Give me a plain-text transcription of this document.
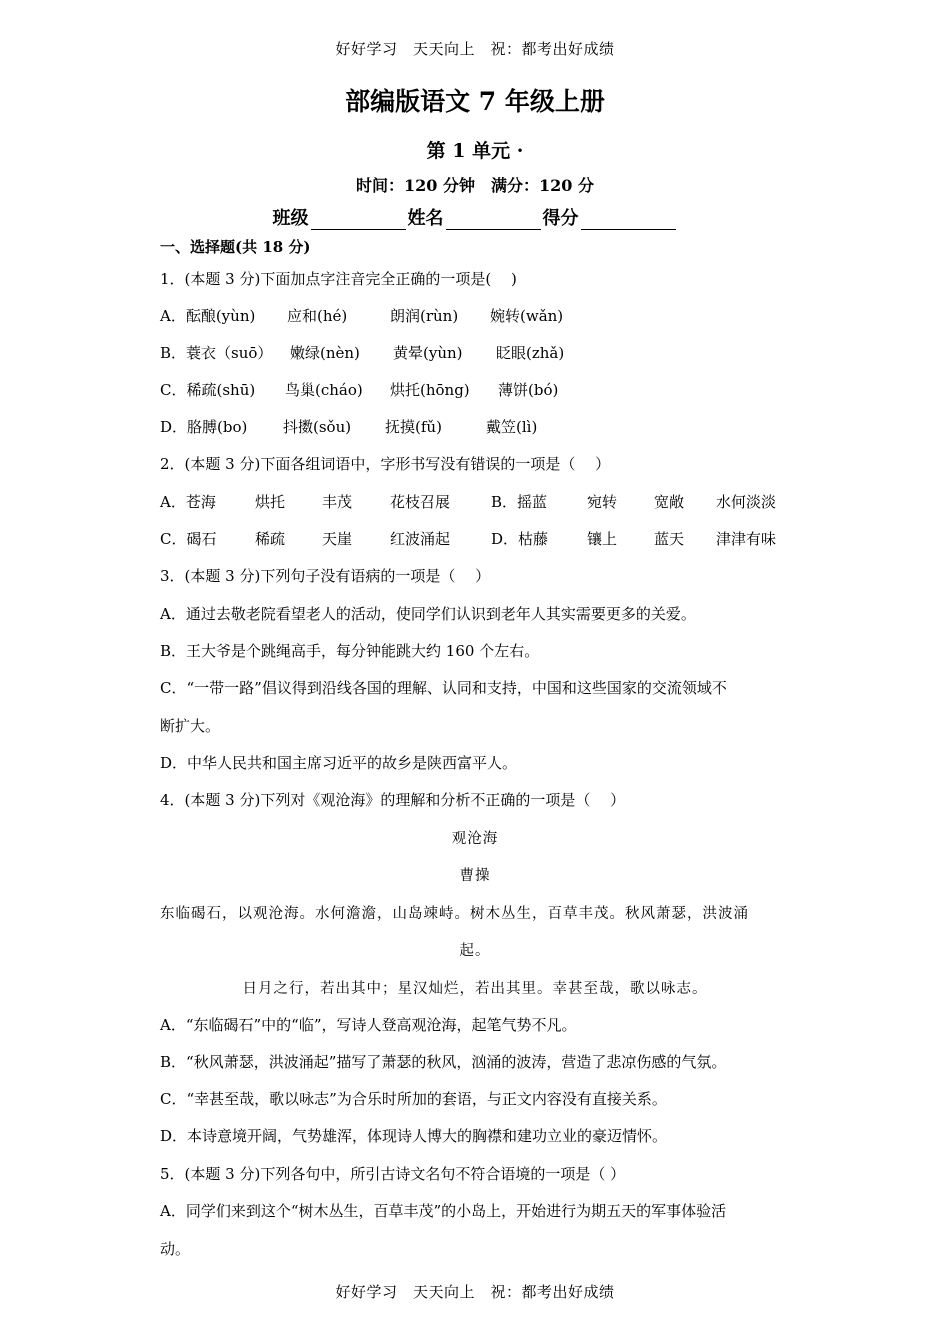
好好学习　天天向上　祝：都考出好成绩
部编版语文 7 年级上册
第 1 单元 ·
时间：120 分钟　满分：120 分
班级	姓名	得分
一、选择题(共 18 分)
1．(本题 3 分)下面加点字注音完全正确的一项是(　 )
A．酝酿(yùn) 应和(hé)	朗润(rùn) 婉转(wǎn)
B．蓑衣（suō） 嫩绿(nèn) 黄晕(yùn) 眨眼(zhǎ)
C．稀疏(shū) 鸟巢(cháo) 烘托(hōng) 薄饼(bó)
D．胳膊(bo) 抖擞(sǒu) 抚摸(fǔ)	戴笠(lì)
2．(本题 3 分)下面各组词语中，字形书写没有错误的一项是（　 ）
A．苍海	烘托 丰茂	花枝召展	B．摇蓝	宛转 宽敞 水何淡淡
C．碣石	稀疏 天崖	红波涌起	D．枯藤	镶上 蓝天 津津有味
3．(本题 3 分)下列句子没有语病的一项是（　 ）
A．通过去敬老院看望老人的活动，使同学们认识到老年人其实需要更多的关爱。
B．王大爷是个跳绳高手，每分钟能跳大约 160 个左右。
C．“一带一路”倡议得到沿线各国的理解、认同和支持，中国和这些国家的交流领域不
断扩大。
D．中华人民共和国主席习近平的故乡是陕西富平人。
4．(本题 3 分)下列对《观沧海》的理解和分析不正确的一项是（　 ）
观沧海
曹操
东临碣石，以观沧海。水何澹澹，山岛竦峙。树木丛生，百草丰茂。秋风萧瑟，洪波涌
起。
日月之行，若出其中；星汉灿烂，若出其里。幸甚至哉，歌以咏志。
A．“东临碣石”中的“临”，写诗人登高观沧海，起笔气势不凡。
B．“秋风萧瑟，洪波涌起”描写了萧瑟的秋风，汹涌的波涛，营造了悲凉伤感的气氛。
C．“幸甚至哉，歌以咏志”为合乐时所加的套语，与正文内容没有直接关系。
D．本诗意境开阔，气势雄浑，体现诗人博大的胸襟和建功立业的豪迈情怀。
5．(本题 3 分)下列各句中，所引古诗文名句不符合语境的一项是（ ）
A．同学们来到这个“树木丛生，百草丰茂”的小岛上，开始进行为期五天的军事体验活
动。
好好学习　天天向上　祝：都考出好成绩
